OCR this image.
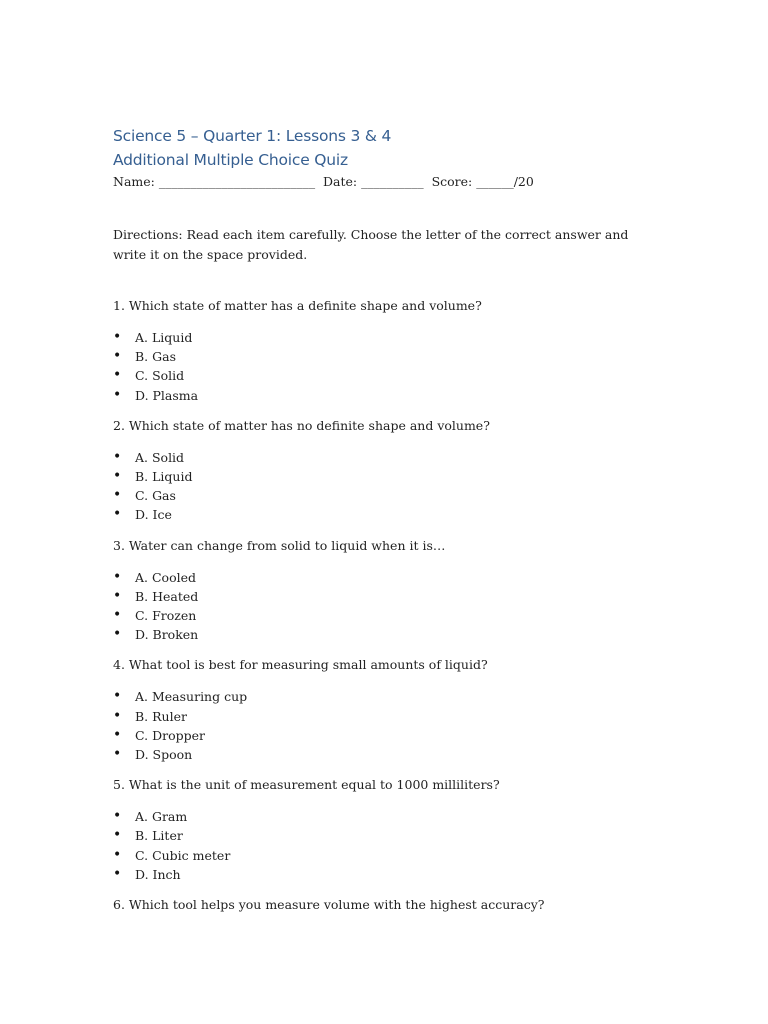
Science 5 – Quarter 1: Lessons 3 & 4
Additional Multiple Choice Quiz

Name: _________________________ Date: __________ Score: ______/20

Directions: Read each item carefully. Choose the letter of the correct answer and write it on the space provided.

1. Which state of matter has a definite shape and volume?

• A. Liquid
• B. Gas
• C. Solid
• D. Plasma

2. Which state of matter has no definite shape and volume?

• A. Solid
• B. Liquid
• C. Gas
• D. Ice

3. Water can change from solid to liquid when it is…

• A. Cooled
• B. Heated
• C. Frozen
• D. Broken

4. What tool is best for measuring small amounts of liquid?

• A. Measuring cup
• B. Ruler
• C. Dropper
• D. Spoon

5. What is the unit of measurement equal to 1000 milliliters?

• A. Gram
• B. Liter
• C. Cubic meter
• D. Inch

6. Which tool helps you measure volume with the highest accuracy?
